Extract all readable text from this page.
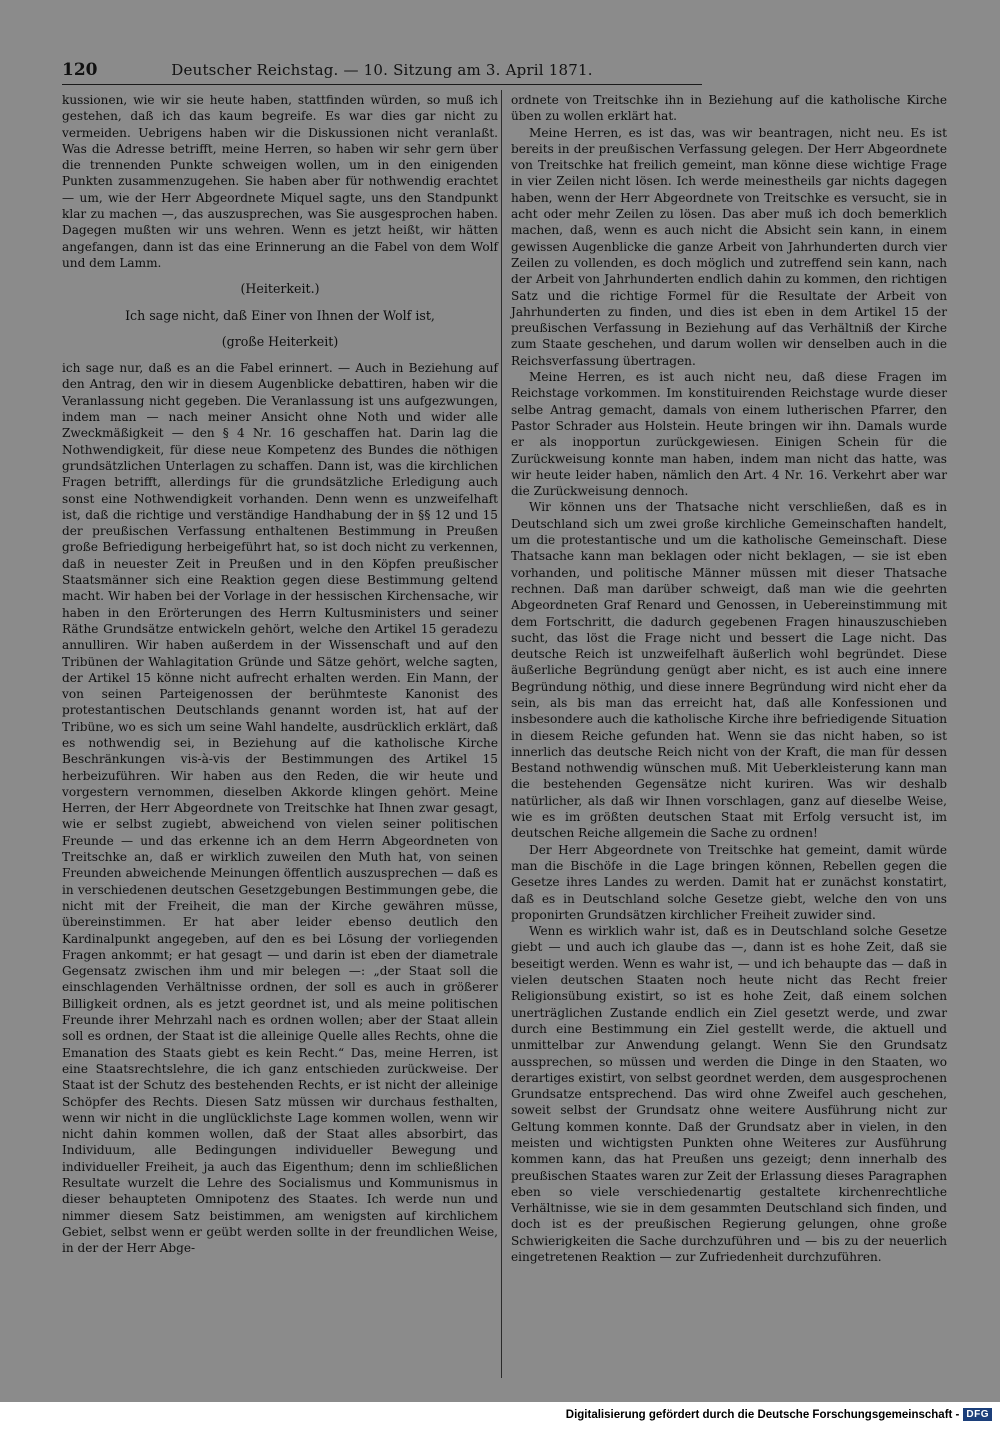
120	Deutscher Reichstag. — 10. Sitzung am 3. April 1871.

kussionen, wie wir sie heute haben, stattfinden würden, so muß ich gestehen, daß ich das kaum begreife. Es war dies gar nicht zu vermeiden. Uebrigens haben wir die Diskussionen nicht veranlaßt. Was die Adresse betrifft, meine Herren, so haben wir sehr gern über die trennenden Punkte schweigen wollen, um in den einigenden Punkten zusammenzugehen. Sie haben aber für nothwendig erachtet — um, wie der Herr Abgeordnete Miquel sagte, uns den Standpunkt klar zu machen —, das auszusprechen, was Sie ausgesprochen haben. Dagegen mußten wir uns wehren. Wenn es jetzt heißt, wir hätten angefangen, dann ist das eine Erinnerung an die Fabel von dem Wolf und dem Lamm.

(Heiterkeit.)

Ich sage nicht, daß Einer von Ihnen der Wolf ist,

(große Heiterkeit)

ich sage nur, daß es an die Fabel erinnert. — Auch in Beziehung auf den Antrag, den wir in diesem Augenblicke debattiren, haben wir die Veranlassung nicht gegeben. Die Veranlassung ist uns aufgezwungen, indem man — nach meiner Ansicht ohne Noth und wider alle Zweckmäßigkeit — den § 4 Nr. 16 geschaffen hat. Darin lag die Nothwendigkeit, für diese neue Kompetenz des Bundes die nöthigen grundsätzlichen Unterlagen zu schaffen. Dann ist, was die kirchlichen Fragen betrifft, allerdings für die grundsätzliche Erledigung auch sonst eine Nothwendigkeit vorhanden. Denn wenn es unzweifelhaft ist, daß die richtige und verständige Handhabung der in §§ 12 und 15 der preußischen Verfassung enthaltenen Bestimmung in Preußen große Befriedigung herbeigeführt hat, so ist doch nicht zu verkennen, daß in neuester Zeit in Preußen und in den Köpfen preußischer Staatsmänner sich eine Reaktion gegen diese Bestimmung geltend macht. Wir haben bei der Vorlage in der hessischen Kirchensache, wir haben in den Erörterungen des Herrn Kultusministers und seiner Räthe Grundsätze entwickeln gehört, welche den Artikel 15 geradezu annulliren. Wir haben außerdem in der Wissenschaft und auf den Tribünen der Wahlagitation Gründe und Sätze gehört, welche sagten, der Artikel 15 könne nicht aufrecht erhalten werden. Ein Mann, der von seinen Parteigenossen der berühmteste Kanonist des protestantischen Deutschlands genannt worden ist, hat auf der Tribüne, wo es sich um seine Wahl handelte, ausdrücklich erklärt, daß es nothwendig sei, in Beziehung auf die katholische Kirche Beschränkungen vis-à-vis der Bestimmungen des Artikel 15 herbeizuführen. Wir haben aus den Reden, die wir heute und vorgestern vernommen, dieselben Akkorde klingen gehört. Meine Herren, der Herr Abgeordnete von Treitschke hat Ihnen zwar gesagt, wie er selbst zugiebt, abweichend von vielen seiner politischen Freunde — und das erkenne ich an dem Herrn Abgeordneten von Treitschke an, daß er wirklich zuweilen den Muth hat, von seinen Freunden abweichende Meinungen öffentlich auszusprechen — daß es in verschiedenen deutschen Gesetzgebungen Bestimmungen gebe, die nicht mit der Freiheit, die man der Kirche gewähren müsse, übereinstimmen. Er hat aber leider ebenso deutlich den Kardinalpunkt angegeben, auf den es bei Lösung der vorliegenden Fragen ankommt; er hat gesagt — und darin ist eben der diametrale Gegensatz zwischen ihm und mir belegen —: „der Staat soll die einschlagenden Verhältnisse ordnen, der soll es auch in größerer Billigkeit ordnen, als es jetzt geordnet ist, und als meine politischen Freunde ihrer Mehrzahl nach es ordnen wollen; aber der Staat allein soll es ordnen, der Staat ist die alleinige Quelle alles Rechts, ohne die Emanation des Staats giebt es kein Recht.“ Das, meine Herren, ist eine Staatsrechtslehre, die ich ganz entschieden zurückweise. Der Staat ist der Schutz des bestehenden Rechts, er ist nicht der alleinige Schöpfer des Rechts. Diesen Satz müssen wir durchaus festhalten, wenn wir nicht in die unglücklichste Lage kommen wollen, wenn wir nicht dahin kommen wollen, daß der Staat alles absorbirt, das Individuum, alle Bedingungen individueller Bewegung und individueller Freiheit, ja auch das Eigenthum; denn im schließlichen Resultate wurzelt die Lehre des Socialismus und Kommunismus in dieser behaupteten Omnipotenz des Staates. Ich werde nun und nimmer diesem Satz beistimmen, am wenigsten auf kirchlichem Gebiet, selbst wenn er geübt werden sollte in der freundlichen Weise, in der der Herr Abge-

ordnete von Treitschke ihn in Beziehung auf die katholische Kirche üben zu wollen erklärt hat.

Meine Herren, es ist das, was wir beantragen, nicht neu. Es ist bereits in der preußischen Verfassung gelegen. Der Herr Abgeordnete von Treitschke hat freilich gemeint, man könne diese wichtige Frage in vier Zeilen nicht lösen. Ich werde meinestheils gar nichts dagegen haben, wenn der Herr Abgeordnete von Treitschke es versucht, sie in acht oder mehr Zeilen zu lösen. Das aber muß ich doch bemerklich machen, daß, wenn es auch nicht die Absicht sein kann, in einem gewissen Augenblicke die ganze Arbeit von Jahrhunderten durch vier Zeilen zu vollenden, es doch möglich und zutreffend sein kann, nach der Arbeit von Jahrhunderten endlich dahin zu kommen, den richtigen Satz und die richtige Formel für die Resultate der Arbeit von Jahrhunderten zu finden, und dies ist eben in dem Artikel 15 der preußischen Verfassung in Beziehung auf das Verhältniß der Kirche zum Staate geschehen, und darum wollen wir denselben auch in die Reichsverfassung übertragen.

Meine Herren, es ist auch nicht neu, daß diese Fragen im Reichstage vorkommen. Im konstituirenden Reichstage wurde dieser selbe Antrag gemacht, damals von einem lutherischen Pfarrer, den Pastor Schrader aus Holstein. Heute bringen wir ihn. Damals wurde er als inopportun zurückgewiesen. Einigen Schein für die Zurückweisung konnte man haben, indem man nicht das hatte, was wir heute leider haben, nämlich den Art. 4 Nr. 16. Verkehrt aber war die Zurückweisung dennoch.

Wir können uns der Thatsache nicht verschließen, daß es in Deutschland sich um zwei große kirchliche Gemeinschaften handelt, um die protestantische und um die katholische Gemeinschaft. Diese Thatsache kann man beklagen oder nicht beklagen, — sie ist eben vorhanden, und politische Männer müssen mit dieser Thatsache rechnen. Daß man darüber schweigt, daß man wie die geehrten Abgeordneten Graf Renard und Genossen, in Uebereinstimmung mit dem Fortschritt, die dadurch gegebenen Fragen hinauszuschieben sucht, das löst die Frage nicht und bessert die Lage nicht. Das deutsche Reich ist unzweifelhaft äußerlich wohl begründet. Diese äußerliche Begründung genügt aber nicht, es ist auch eine innere Begründung nöthig, und diese innere Begründung wird nicht eher da sein, als bis man das erreicht hat, daß alle Konfessionen und insbesondere auch die katholische Kirche ihre befriedigende Situation in diesem Reiche gefunden hat. Wenn sie das nicht haben, so ist innerlich das deutsche Reich nicht von der Kraft, die man für dessen Bestand nothwendig wünschen muß. Mit Ueberkleisterung kann man die bestehenden Gegensätze nicht kuriren. Was wir deshalb natürlicher, als daß wir Ihnen vorschlagen, ganz auf dieselbe Weise, wie es im größten deutschen Staat mit Erfolg versucht ist, im deutschen Reiche allgemein die Sache zu ordnen!

Der Herr Abgeordnete von Treitschke hat gemeint, damit würde man die Bischöfe in die Lage bringen können, Rebellen gegen die Gesetze ihres Landes zu werden. Damit hat er zunächst konstatirt, daß es in Deutschland solche Gesetze giebt, welche den von uns proponirten Grundsätzen kirchlicher Freiheit zuwider sind.

Wenn es wirklich wahr ist, daß es in Deutschland solche Gesetze giebt — und auch ich glaube das —, dann ist es hohe Zeit, daß sie beseitigt werden. Wenn es wahr ist, — und ich behaupte das — daß in vielen deutschen Staaten noch heute nicht das Recht freier Religionsübung existirt, so ist es hohe Zeit, daß einem solchen unerträglichen Zustande endlich ein Ziel gesetzt werde, und zwar durch eine Bestimmung ein Ziel gestellt werde, die aktuell und unmittelbar zur Anwendung gelangt. Wenn Sie den Grundsatz aussprechen, so müssen und werden die Dinge in den Staaten, wo derartiges existirt, von selbst geordnet werden, dem ausgesprochenen Grundsatze entsprechend. Das wird ohne Zweifel auch geschehen, soweit selbst der Grundsatz ohne weitere Ausführung nicht zur Geltung kommen konnte. Daß der Grundsatz aber in vielen, in den meisten und wichtigsten Punkten ohne Weiteres zur Ausführung kommen kann, das hat Preußen uns gezeigt; denn innerhalb des preußischen Staates waren zur Zeit der Erlassung dieses Paragraphen eben so viele verschiedenartig gestaltete kirchenrechtliche Verhältnisse, wie sie in dem gesammten Deutschland sich finden, und doch ist es der preußischen Regierung gelungen, ohne große Schwierigkeiten die Sache durchzuführen und — bis zu der neuerlich eingetretenen Reaktion — zur Zufriedenheit durchzuführen.

Digitalisierung gefördert durch die Deutsche Forschungsgemeinschaft - DFG
